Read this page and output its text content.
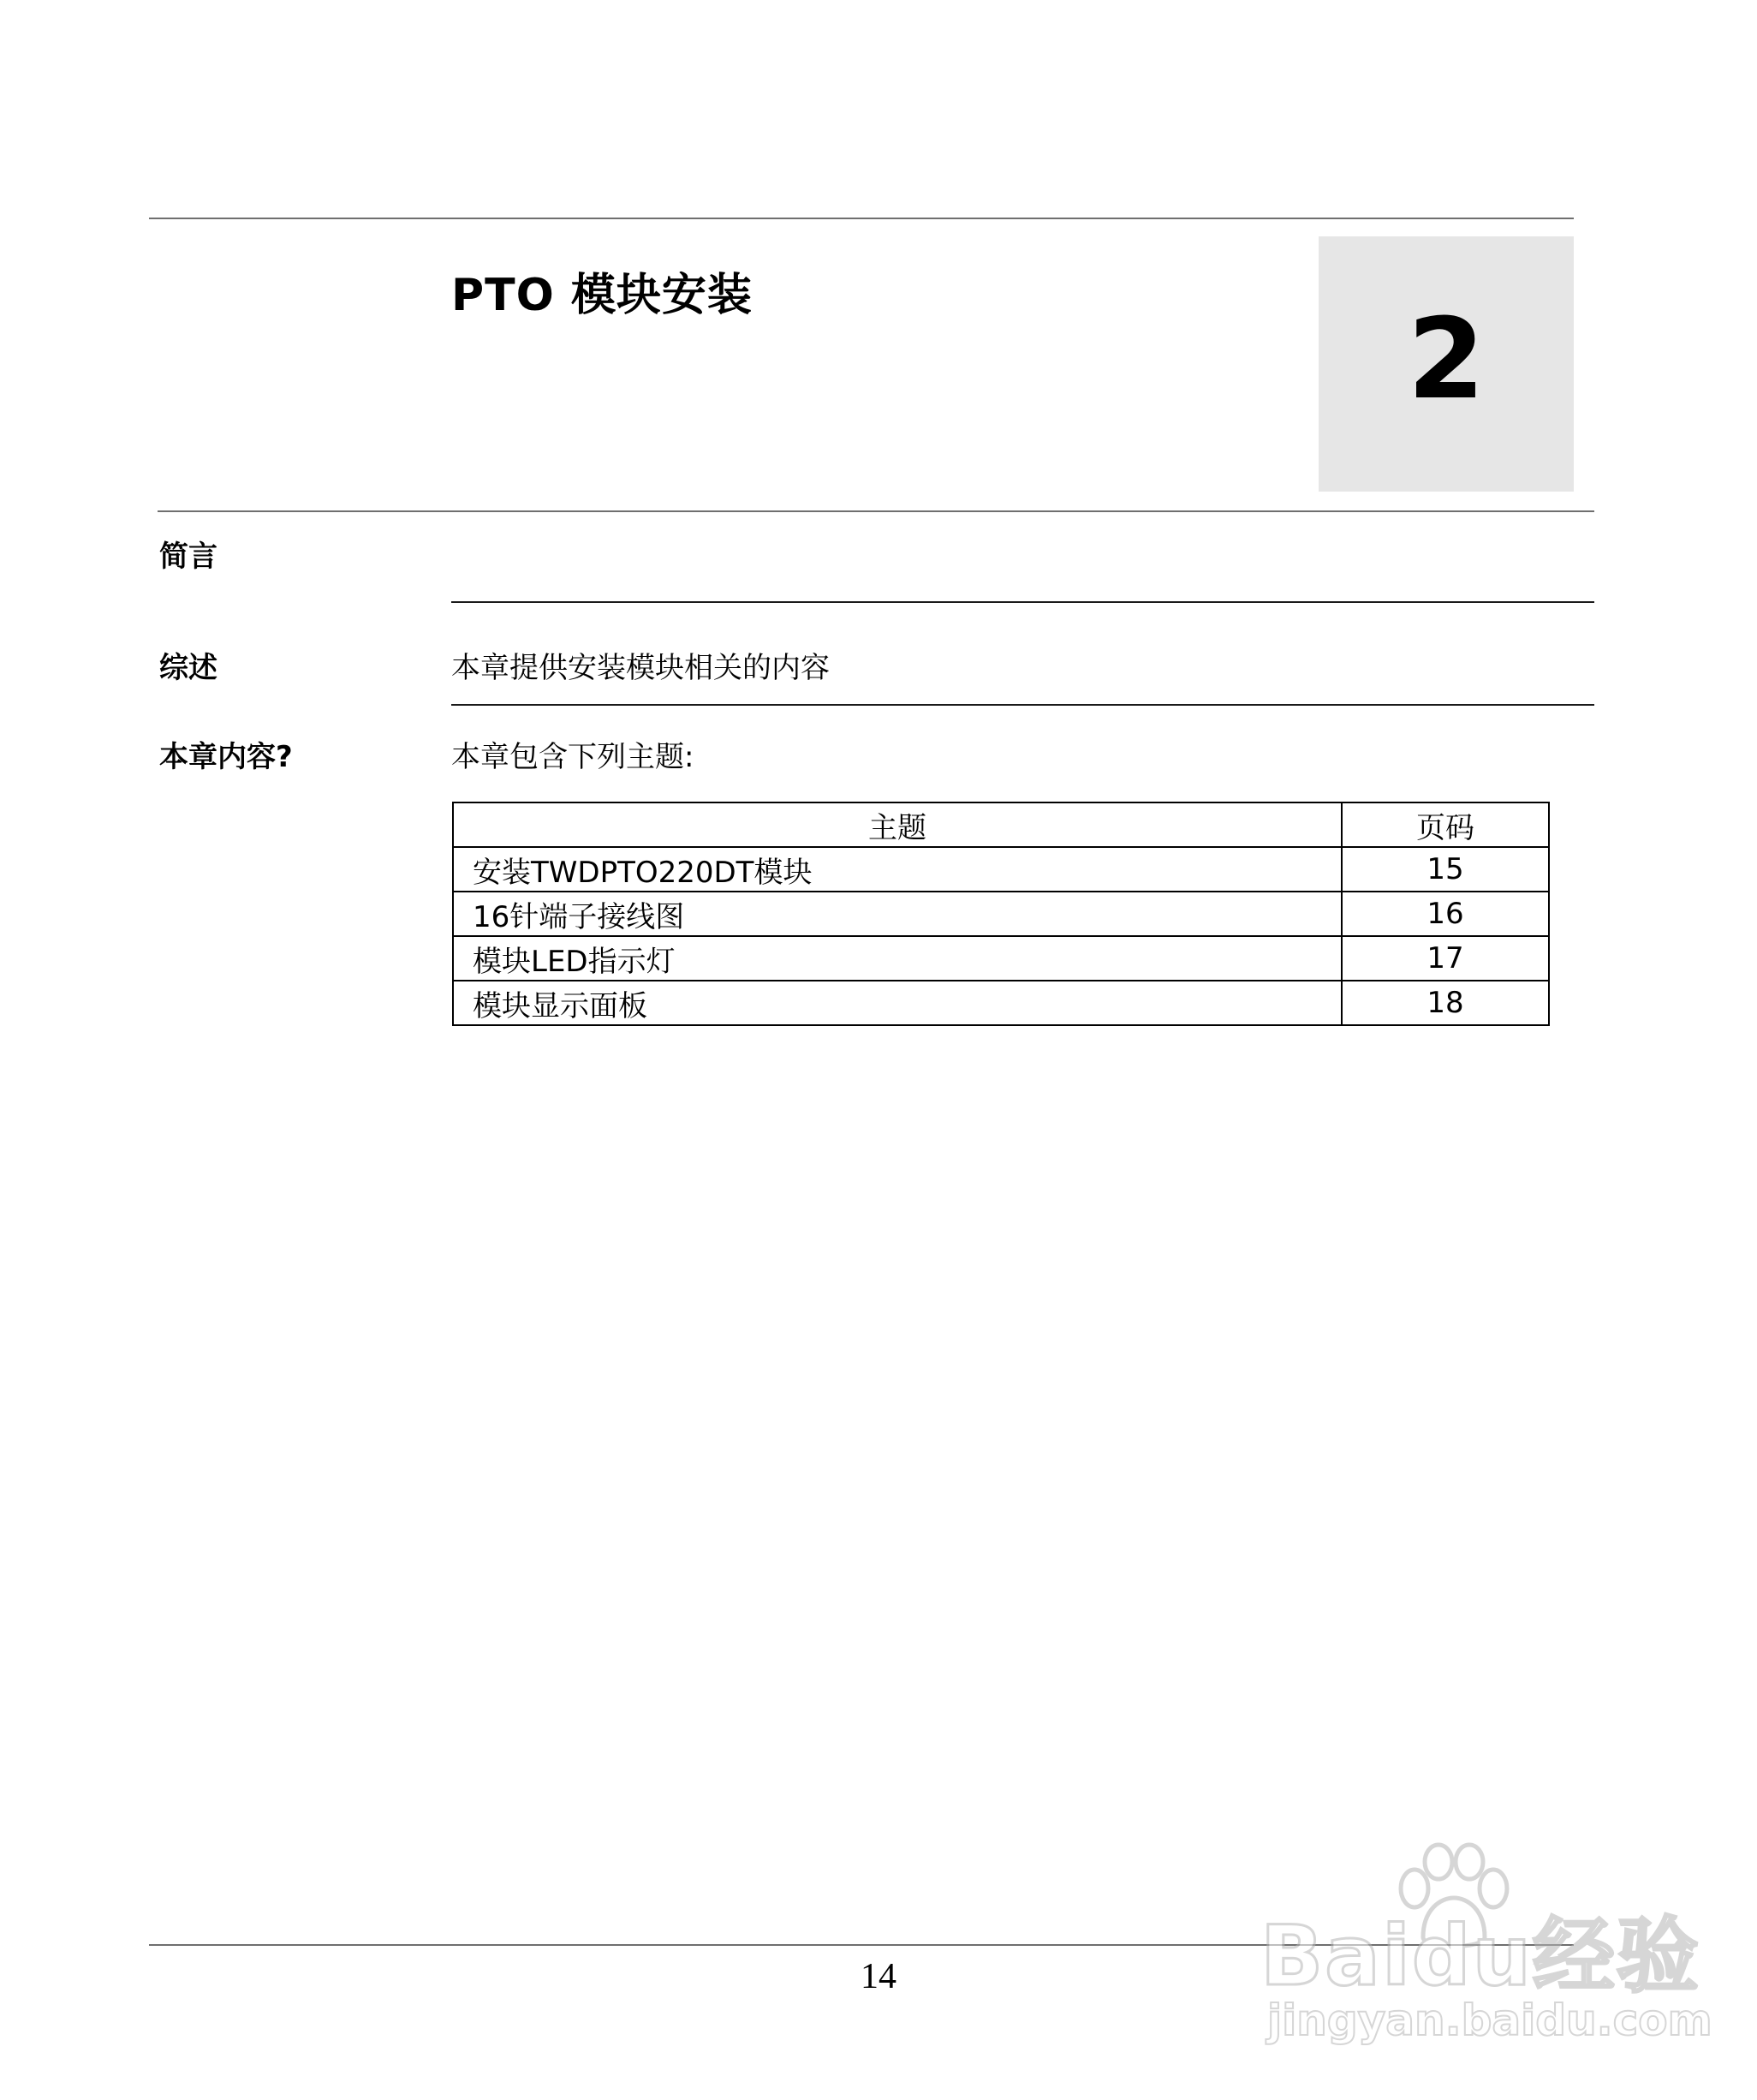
PTO 模块安装	2
简言
综述	本章提供安装模块相关的内容
本章内容?	本章包含下列主题:
主题	页码
安装TWDPTO220DT模块	15
16针端子接线图	16
模块LED指示灯	17
模块显示面板	18
14	Baidu经验
jingyan.baidu.com
